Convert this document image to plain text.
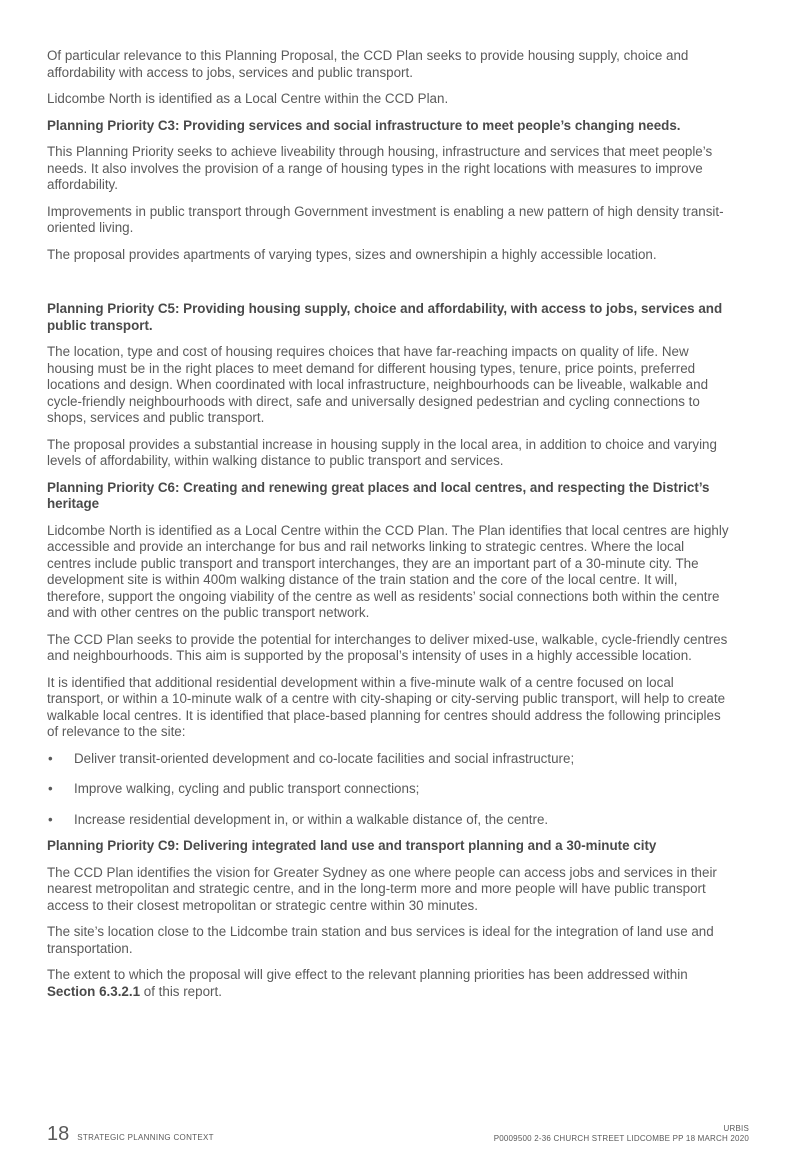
Of particular relevance to this Planning Proposal, the CCD Plan seeks to provide housing supply, choice and affordability with access to jobs, services and public transport.

Lidcombe North is identified as a Local Centre within the CCD Plan.

Planning Priority C3: Providing services and social infrastructure to meet people’s changing needs.

This Planning Priority seeks to achieve liveability through housing, infrastructure and services that meet people’s needs. It also involves the provision of a range of housing types in the right locations with measures to improve affordability.

Improvements in public transport through Government investment is enabling a new pattern of high density transit-oriented living.

The proposal provides apartments of varying types, sizes and ownershipin a highly accessible location.

Planning Priority C5: Providing housing supply, choice and affordability, with access to jobs, services and public transport.

The location, type and cost of housing requires choices that have far-reaching impacts on quality of life. New housing must be in the right places to meet demand for different housing types, tenure, price points, preferred locations and design. When coordinated with local infrastructure, neighbourhoods can be liveable, walkable and cycle-friendly neighbourhoods with direct, safe and universally designed pedestrian and cycling connections to shops, services and public transport.

The proposal provides a substantial increase in housing supply in the local area, in addition to choice and varying levels of affordability, within walking distance to public transport and services.

Planning Priority C6: Creating and renewing great places and local centres, and respecting the District’s heritage

Lidcombe North is identified as a Local Centre within the CCD Plan. The Plan identifies that local centres are highly accessible and provide an interchange for bus and rail networks linking to strategic centres. Where the local centres include public transport and transport interchanges, they are an important part of a 30-minute city. The development site is within 400m walking distance of the train station and the core of the local centre. It will, therefore, support the ongoing viability of the centre as well as residents’ social connections both within the centre and with other centres on the public transport network.

The CCD Plan seeks to provide the potential for interchanges to deliver mixed-use, walkable, cycle-friendly centres and neighbourhoods. This aim is supported by the proposal’s intensity of uses in a highly accessible location.

It is identified that additional residential development within a five-minute walk of a centre focused on local transport, or within a 10-minute walk of a centre with city-shaping or city-serving public transport, will help to create walkable local centres. It is identified that place-based planning for centres should address the following principles of relevance to the site:

• Deliver transit-oriented development and co-locate facilities and social infrastructure;
• Improve walking, cycling and public transport connections;
• Increase residential development in, or within a walkable distance of, the centre.
Planning Priority C9: Delivering integrated land use and transport planning and a 30-minute city

The CCD Plan identifies the vision for Greater Sydney as one where people can access jobs and services in their nearest metropolitan and strategic centre, and in the long-term more and more people will have public transport access to their closest metropolitan or strategic centre within 30 minutes.

The site’s location close to the Lidcombe train station and bus services is ideal for the integration of land use and transportation.

The extent to which the proposal will give effect to the relevant planning priorities has been addressed within Section 6.3.2.1 of this report.

18 STRATEGIC PLANNING CONTEXT
URBIS
P0009500 2-36 CHURCH STREET LIDCOMBE PP 18 MARCH 2020
